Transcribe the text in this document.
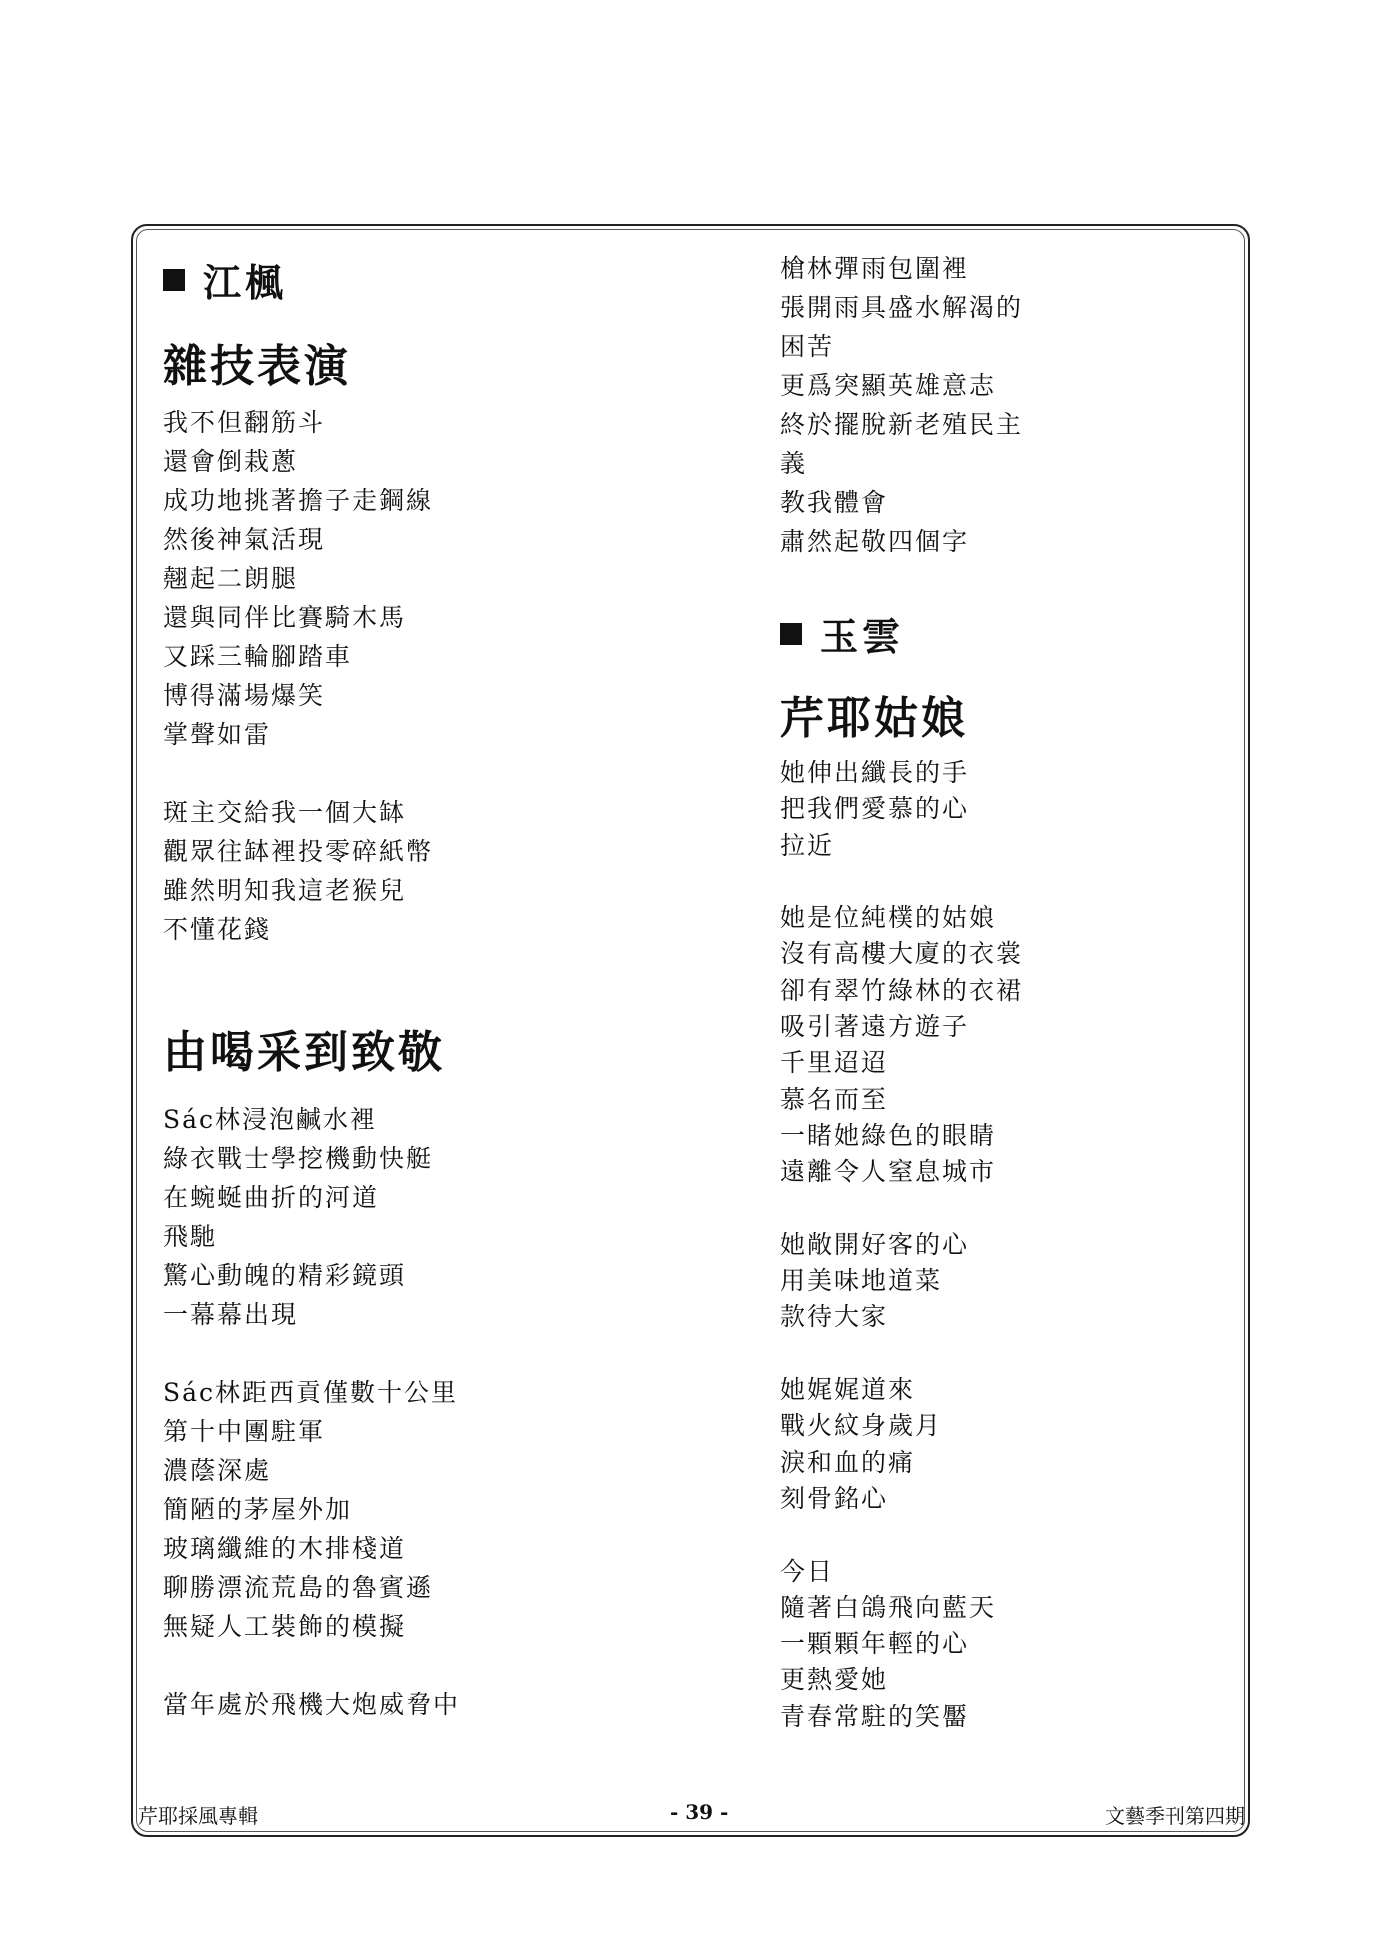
江楓
雜技表演
我不但翻筋斗
還會倒栽蔥
成功地挑著擔子走鋼線
然後神氣活現
翹起二朗腿
還與同伴比賽騎木馬
又踩三輪腳踏車
博得滿場爆笑
掌聲如雷
斑主交給我一個大缽
觀眾往缽裡投零碎紙幣
雖然明知我這老猴兒
不懂花錢
由喝采到致敬
Sác林浸泡鹹水裡
綠衣戰士學挖機動快艇
在蜿蜒曲折的河道
飛馳
驚心動魄的精彩鏡頭
一幕幕出現
Sác林距西貢僅數十公里
第十中團駐軍
濃蔭深處
簡陋的茅屋外加
玻璃纖維的木排棧道
聊勝漂流荒島的魯賓遜
無疑人工裝飾的模擬
當年處於飛機大炮威脅中
槍林彈雨包圍裡
張開雨具盛水解渴的
困苦
更爲突顯英雄意志
終於擺脫新老殖民主
義
教我體會
肅然起敬四個字
玉雲
芹耶姑娘
她伸出纖長的手
把我們愛慕的心
拉近
她是位純樸的姑娘
沒有高樓大廈的衣裳
卻有翠竹綠林的衣裙
吸引著遠方遊子
千里迢迢
慕名而至
一睹她綠色的眼睛
遠離令人窒息城市
她敞開好客的心
用美味地道菜
款待大家
她娓娓道來
戰火紋身歲月
淚和血的痛
刻骨銘心
今日
隨著白鴿飛向藍天
一顆顆年輕的心
更熱愛她
青春常駐的笑靨
芹耶採風專輯	- 39 -	文藝季刊第四期
